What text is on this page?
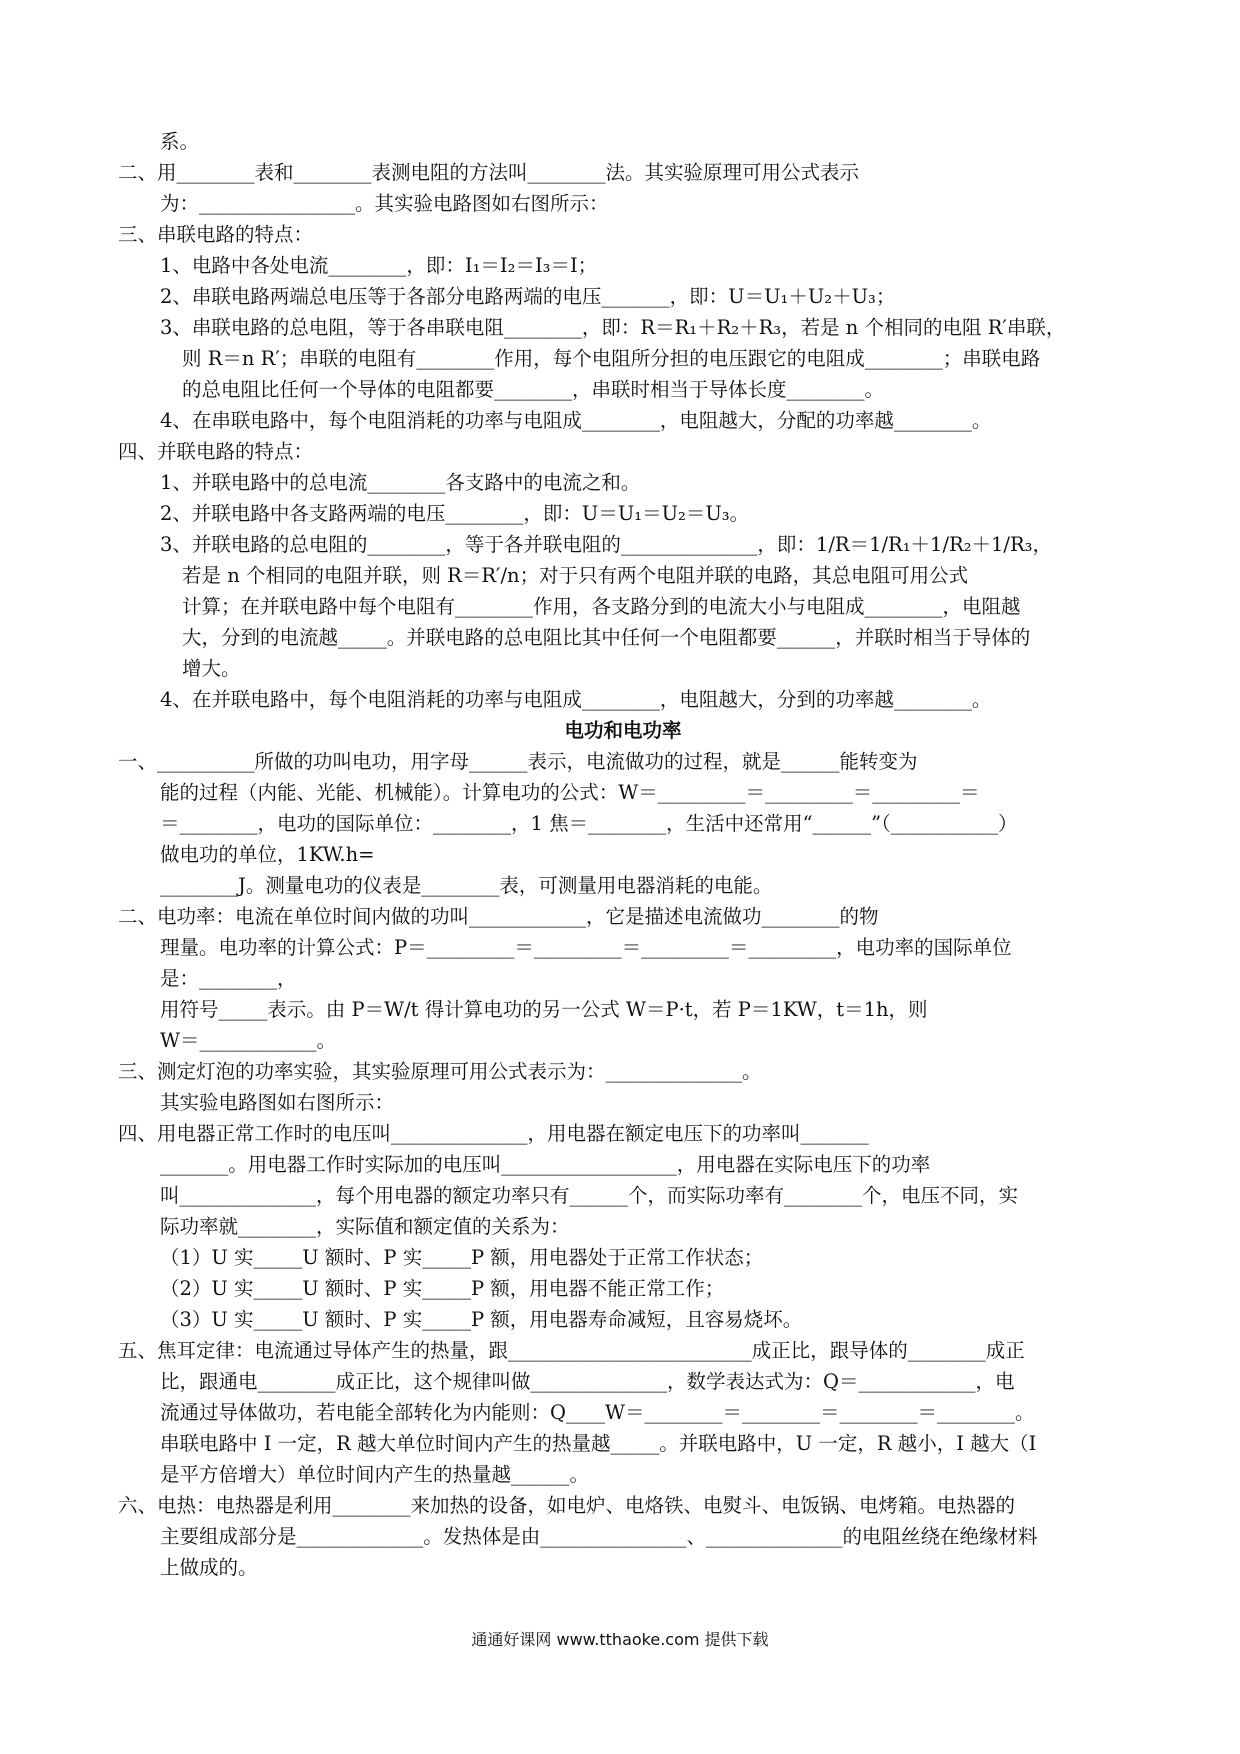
系。
二、用________表和________表测电阻的方法叫________法。其实验原理可用公式表示
为：________________。其实验电路图如右图所示：
三、串联电路的特点：
1、电路中各处电流________，即：I₁＝I₂＝I₃＝I；
2、串联电路两端总电压等于各部分电路两端的电压_______，即：U＝U₁＋U₂＋U₃；
3、串联电路的总电阻，等于各串联电阻________，即：R＝R₁＋R₂＋R₃，若是 n 个相同的电阻 R′串联，
则 R＝n R′；串联的电阻有________作用，每个电阻所分担的电压跟它的电阻成________；串联电路
的总电阻比任何一个导体的电阻都要________，串联时相当于导体长度________。
4、在串联电路中，每个电阻消耗的功率与电阻成________，电阻越大，分配的功率越________。
四、并联电路的特点：
1、并联电路中的总电流________各支路中的电流之和。
2、并联电路中各支路两端的电压________，即：U＝U₁＝U₂＝U₃。
3、并联电路的总电阻的________，等于各并联电阻的______________，即：1/R＝1/R₁＋1/R₂＋1/R₃，
若是 n 个相同的电阻并联，则 R＝R′/n；对于只有两个电阻并联的电路，其总电阻可用公式
计算；在并联电路中每个电阻有________作用，各支路分到的电流大小与电阻成________，电阻越
大，分到的电流越_____。并联电路的总电阻比其中任何一个电阻都要______，并联时相当于导体的
增大。
4、在并联电路中，每个电阻消耗的功率与电阻成________，电阻越大，分到的功率越________。
电功和电功率
一、__________所做的功叫电功，用字母______表示，电流做功的过程，就是______能转变为
能的过程（内能、光能、机械能）。计算电功的公式：W＝_________＝_________＝_________＝
＝________，电功的国际单位：________，1 焦＝________，生活中还常用“______”（___________）
做电功的单位，1KW.h=
________J。测量电功的仪表是________表，可测量用电器消耗的电能。
二、电功率：电流在单位时间内做的功叫____________，它是描述电流做功________的物
理量。电功率的计算公式：P＝_________＝_________＝_________＝_________，电功率的国际单位
是：________，
用符号_____表示。由 P＝W/t 得计算电功的另一公式 W＝P·t，若 P＝1KW，t＝1h，则
W＝____________。
三、测定灯泡的功率实验，其实验原理可用公式表示为：______________。
其实验电路图如右图所示：
四、用电器正常工作时的电压叫______________，用电器在额定电压下的功率叫_______
_______。用电器工作时实际加的电压叫__________________，用电器在实际电压下的功率
叫______________，每个用电器的额定功率只有______个，而实际功率有________个，电压不同，实
际功率就________，实际值和额定值的关系为：
（1）U 实_____U 额时、P 实_____P 额，用电器处于正常工作状态；
（2）U 实_____U 额时、P 实_____P 额，用电器不能正常工作；
（3）U 实_____U 额时、P 实_____P 额，用电器寿命减短，且容易烧坏。
五、焦耳定律：电流通过导体产生的热量，跟_________________________成正比，跟导体的________成正
比，跟通电________成正比，这个规律叫做______________，数学表达式为：Q＝____________，电
流通过导体做功，若电能全部转化为内能则：Q____W＝________＝________＝________＝________。
串联电路中 I 一定，R 越大单位时间内产生的热量越_____。并联电路中，U 一定，R 越小，I 越大（I
是平方倍增大）单位时间内产生的热量越______。
六、电热：电热器是利用________来加热的设备，如电炉、电烙铁、电熨斗、电饭锅、电烤箱。电热器的
主要组成部分是_____________。发热体是由_______________、______________的电阻丝绕在绝缘材料
上做成的。
通通好课网 www.tthaoke.com 提供下载
